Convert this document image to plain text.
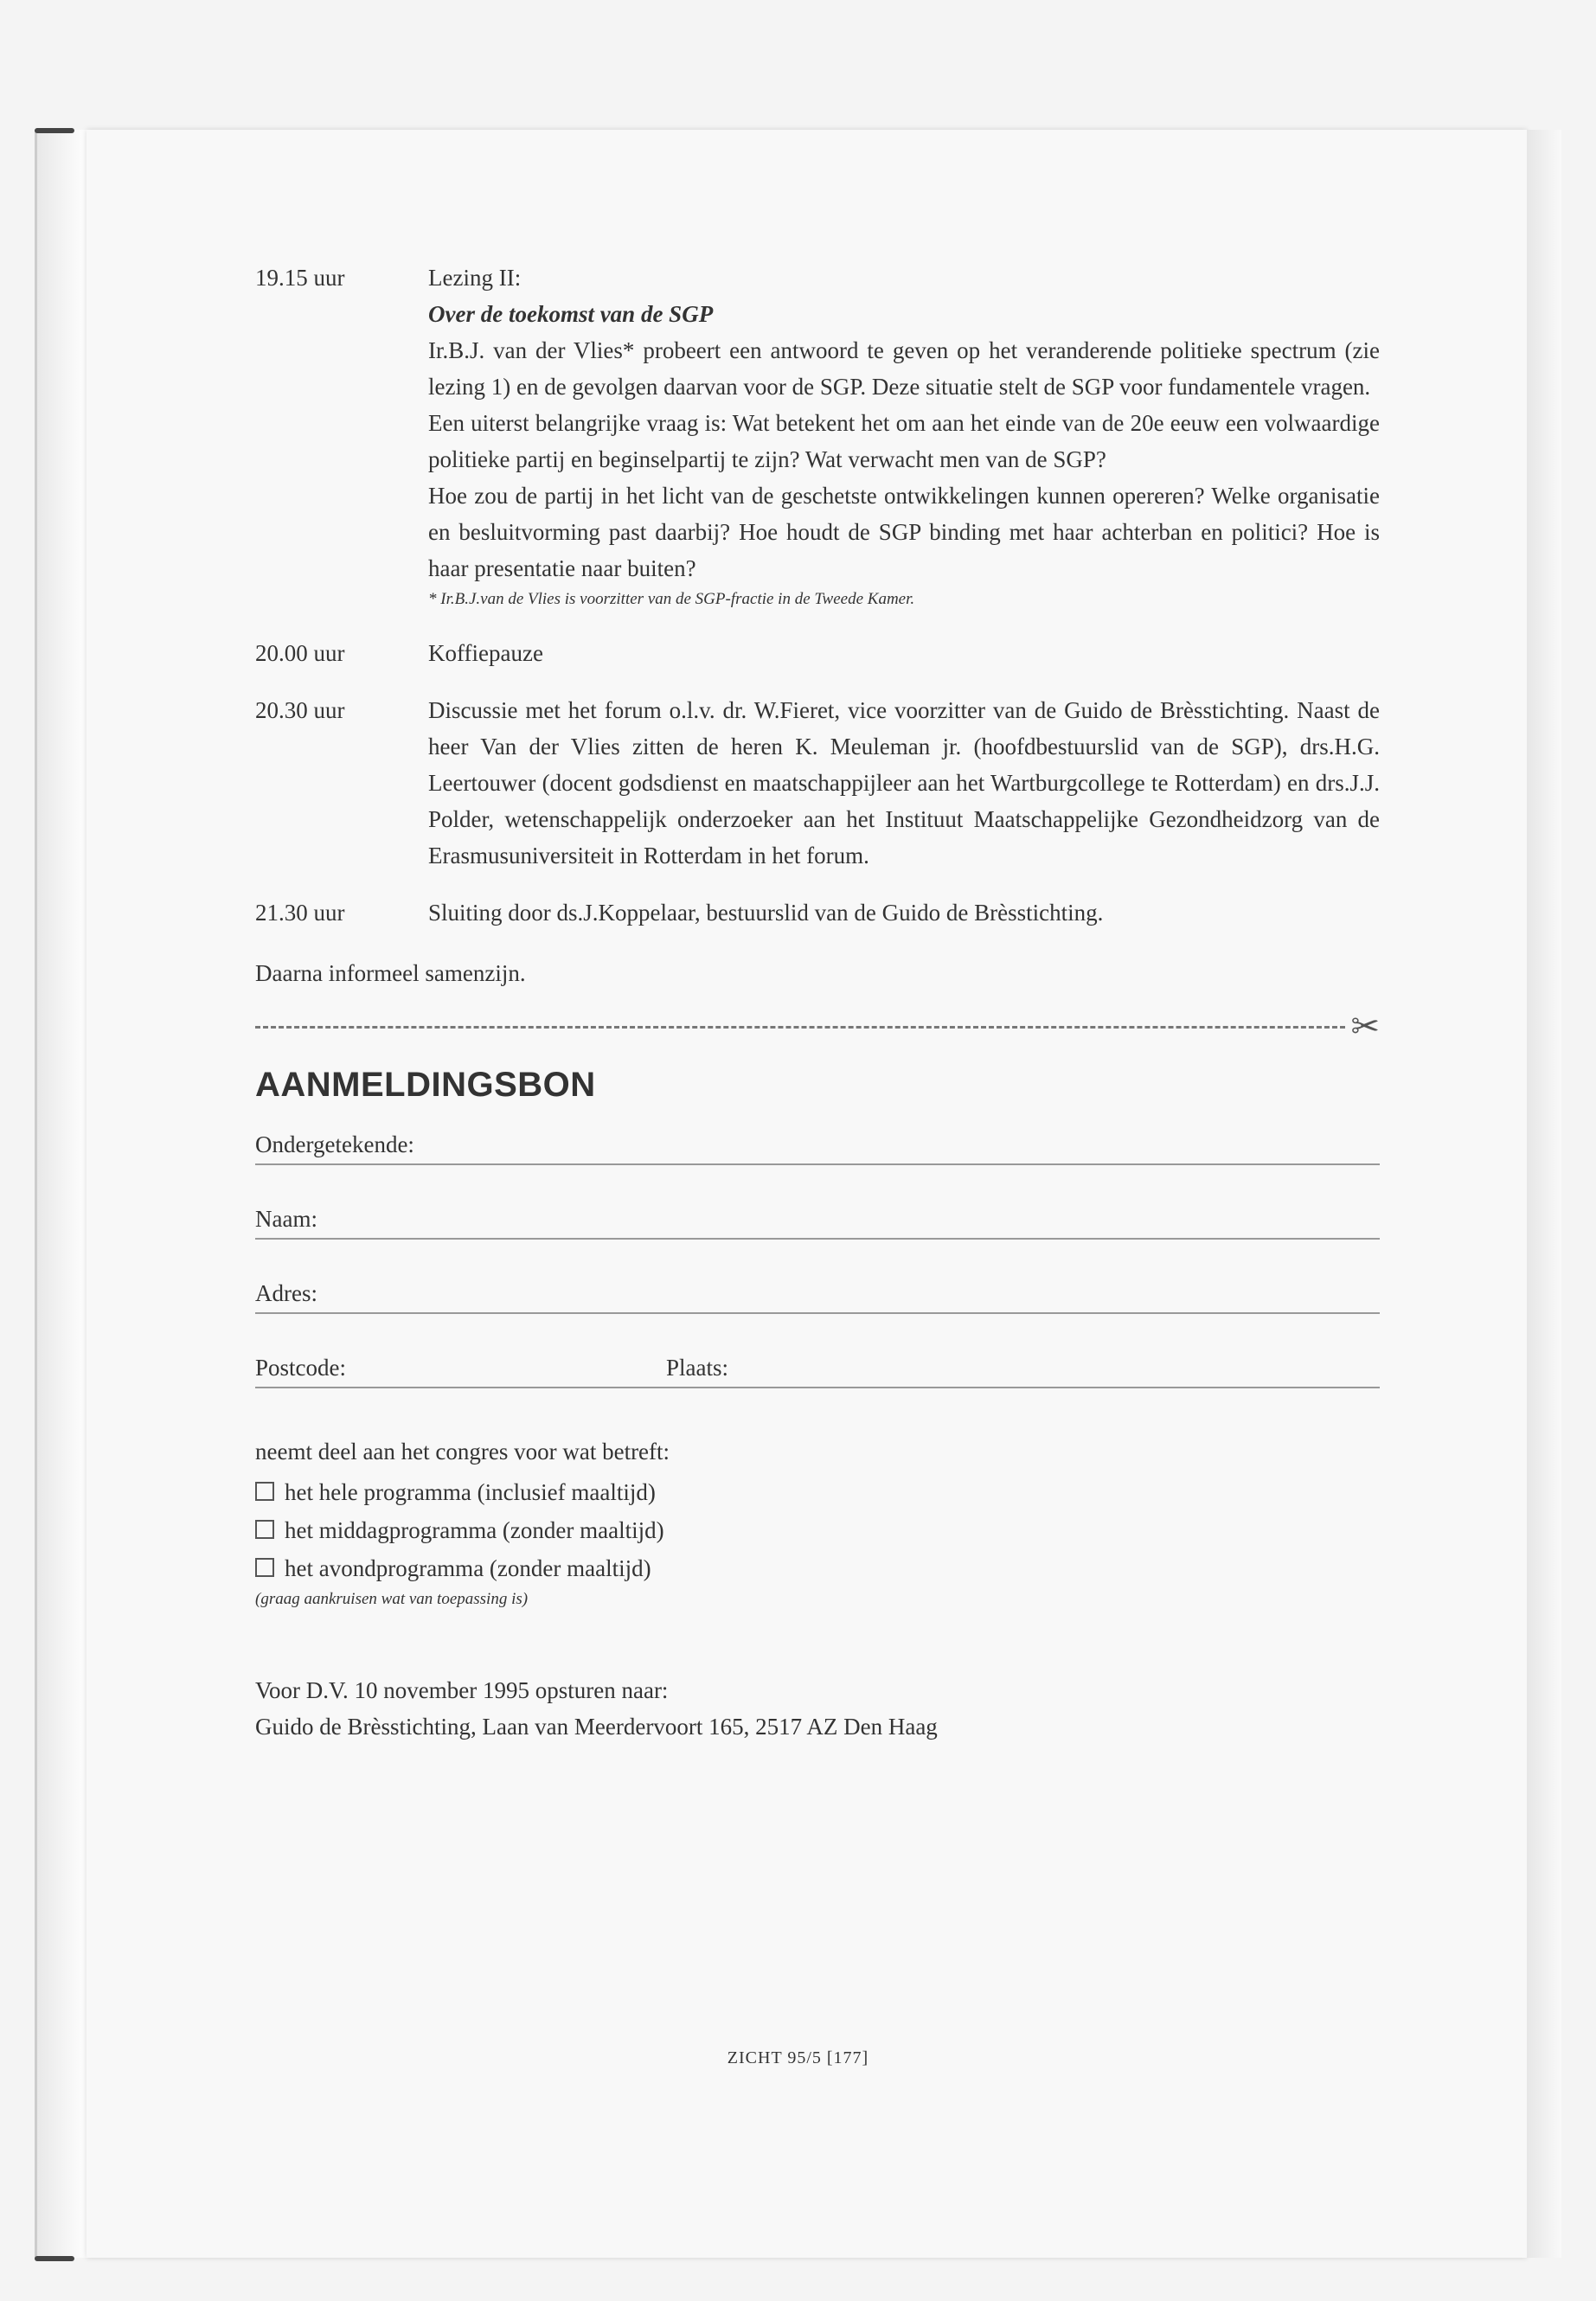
19.15 uur	Lezing II:

Over de toekomst van de SGP

Ir.B.J. van der Vlies* probeert een antwoord te geven op het veranderende politieke spectrum (zie lezing 1) en de gevolgen daarvan voor de SGP. Deze situatie stelt de SGP voor fundamentele vragen.

Een uiterst belangrijke vraag is: Wat betekent het om aan het einde van de 20e eeuw een volwaardige politieke partij en beginselpartij te zijn? Wat verwacht men van de SGP?

Hoe zou de partij in het licht van de geschetste ontwikkelingen kunnen opereren? Welke organisatie en besluitvorming past daarbij? Hoe houdt de SGP binding met haar achterban en politici? Hoe is haar presentatie naar buiten?

* Ir.B.J.van de Vlies is voorzitter van de SGP-fractie in de Tweede Kamer.

20.00 uur	Koffiepauze

20.30 uur	Discussie met het forum o.l.v. dr. W.Fieret, vice voorzitter van de Guido de Brèsstichting. Naast de heer Van der Vlies zitten de heren K. Meuleman jr. (hoofdbestuurslid van de SGP), drs.H.G. Leertouwer (docent godsdienst en maatschappijleer aan het Wartburgcollege te Rotterdam) en drs.J.J. Polder, wetenschappelijk onderzoeker aan het Instituut Maatschappelijke Gezondheidzorg van de Erasmusuniversiteit in Rotterdam in het forum.

21.30 uur	Sluiting door ds.J.Koppelaar, bestuurslid van de Guido de Brèsstichting.

Daarna informeel samenzijn.

✂
AANMELDINGSBON
Ondergetekende:
Naam:
Adres:
Postcode:	Plaats:

neemt deel aan het congres voor wat betreft:

het hele programma (inclusief maaltijd)
het middagprogramma (zonder maaltijd)
het avondprogramma (zonder maaltijd)

(graag aankruisen wat van toepassing is)

Voor D.V. 10 november 1995 opsturen naar:

Guido de Brèsstichting, Laan van Meerdervoort 165, 2517 AZ Den Haag

ZICHT 95/5 [177]
